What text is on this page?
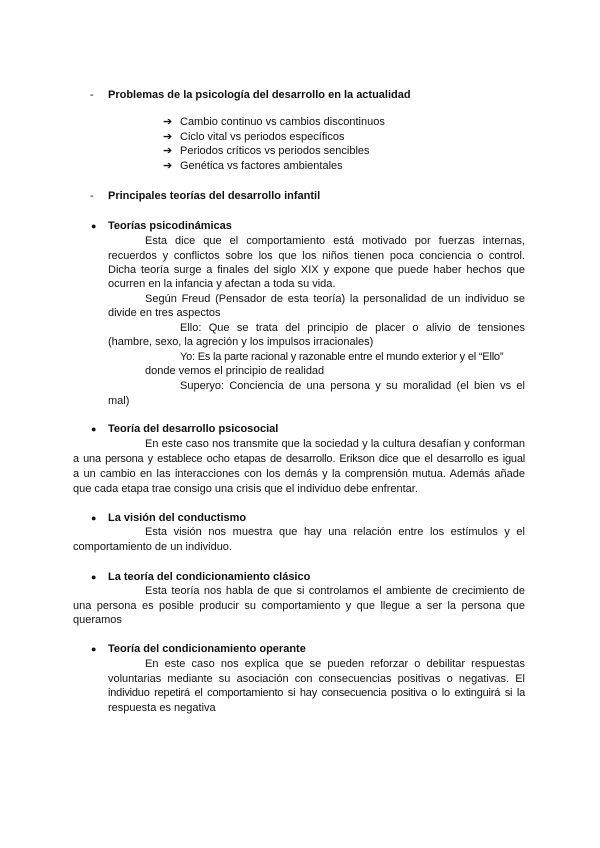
- Problemas de la psicología del desarrollo en la actualidad
➔ Cambio continuo vs cambios discontinuos
➔ Ciclo vital vs periodos específicos
➔ Periodos críticos vs periodos sencibles
➔ Genética vs factores ambientales
- Principales teorías del desarrollo infantil
● Teorías psicodinámicas
Esta dice que el comportamiento está motivado por fuerzas internas,
recuerdos y conflictos sobre los que los niños tienen poca conciencia o control.
Dicha teoría surge a finales del siglo XIX y expone que puede haber hechos que
ocurren en la infancia y afectan a toda su vida.
Según Freud (Pensador de esta teoría) la personalidad de un individuo se
divide en tres aspectos
Ello: Que se trata del principio de placer o alivio de tensiones
(hambre, sexo, la agreción y los impulsos irracionales)
Yo: Es la parte racional y razonable entre el mundo exterior y el “Ello”
donde vemos el principio de realidad
Superyo: Conciencia de una persona y su moralidad (el bien vs el
mal)
● Teoría del desarrollo psicosocial
En este caso nos transmite que la sociedad y la cultura desafían y conforman
a una persona y establece ocho etapas de desarrollo. Erikson dice que el desarrollo es igual
a un cambio en las interacciones con los demás y la comprensión mutua. Además añade
que cada etapa trae consigo una crisis que el individuo debe enfrentar.
● La visión del conductismo
Esta visión nos muestra que hay una relación entre los estímulos y el
comportamiento de un individuo.
● La teoría del condicionamiento clásico
Esta teoría nos habla de que si controlamos el ambiente de crecimiento de
una persona es posible producir su comportamiento y que llegue a ser la persona que
queramos
● Teoría del condicionamiento operante
En este caso nos explica que se pueden reforzar o debilitar respuestas
voluntarias mediante su asociación con consecuencias positivas o negativas. El
individuo repetirá el comportamiento si hay consecuencia positiva o lo extinguirá si la
respuesta es negativa
